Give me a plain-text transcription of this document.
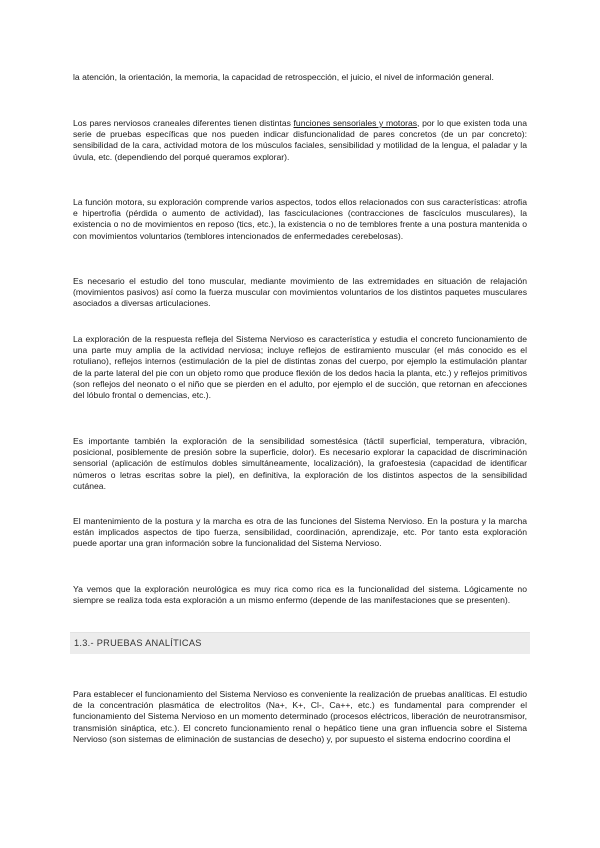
la atención, la orientación, la memoria, la capacidad de retrospección, el juicio, el nivel de información general.

Los pares nerviosos craneales diferentes tienen distintas funciones sensoriales y motoras, por lo que existen toda una serie de pruebas específicas que nos pueden indicar disfuncionalidad de pares concretos (de un par concreto): sensibilidad de la cara, actividad motora de los músculos faciales, sensibilidad y motilidad de la lengua, el paladar y la úvula, etc. (dependiendo del porqué queramos explorar).

La función motora, su exploración comprende varios aspectos, todos ellos relacionados con sus características: atrofia e hipertrofia (pérdida o aumento de actividad), las fasciculaciones (contracciones de fascículos musculares), la existencia o no de movimientos en reposo (tics, etc.), la existencia o no de temblores frente a una postura mantenida o con movimientos voluntarios (temblores intencionados de enfermedades cerebelosas).

Es necesario el estudio del tono muscular, mediante movimiento de las extremidades en situación de relajación (movimientos pasivos) así como la fuerza muscular con movimientos voluntarios de los distintos paquetes musculares asociados a diversas articulaciones.

La exploración de la respuesta refleja del Sistema Nervioso es característica y estudia el concreto funcionamiento de una parte muy amplia de la actividad nerviosa; incluye reflejos de estiramiento muscular (el más conocido es el rotuliano), reflejos internos (estimulación de la piel de distintas zonas del cuerpo, por ejemplo la estimulación plantar de la parte lateral del pie con un objeto romo que produce flexión de los dedos hacia la planta, etc.) y reflejos primitivos (son reflejos del neonato o el niño que se pierden en el adulto, por ejemplo el de succión, que retornan en afecciones del lóbulo frontal o demencias, etc.).

Es importante también la exploración de la sensibilidad somestésica (táctil superficial, temperatura, vibración, posicional, posiblemente de presión sobre la superficie, dolor). Es necesario explorar la capacidad de discriminación sensorial (aplicación de estímulos dobles simultáneamente, localización), la grafoestesia (capacidad de identificar números o letras escritas sobre la piel), en definitiva, la exploración de los distintos aspectos de la sensibilidad cutánea.

El mantenimiento de la postura y la marcha es otra de las funciones del Sistema Nervioso. En la postura y la marcha están implicados aspectos de tipo fuerza, sensibilidad, coordinación, aprendizaje, etc. Por tanto esta exploración puede aportar una gran información sobre la funcionalidad del Sistema Nervioso.

Ya vemos que la exploración neurológica es muy rica como rica es la funcionalidad del sistema. Lógicamente no siempre se realiza toda esta exploración a un mismo enfermo (depende de las manifestaciones que se presenten).

1.3.- PRUEBAS ANALÍTICAS

Para establecer el funcionamiento del Sistema Nervioso es conveniente la realización de pruebas analíticas. El estudio de la concentración plasmática de electrolitos (Na+, K+, Cl-, Ca++, etc.) es fundamental para comprender el funcionamiento del Sistema Nervioso en un momento determinado (procesos eléctricos, liberación de neurotransmisor, transmisión sináptica, etc.). El concreto funcionamiento renal o hepático tiene una gran influencia sobre el Sistema Nervioso (son sistemas de eliminación de sustancias de desecho) y, por supuesto el sistema endocrino coordina el
